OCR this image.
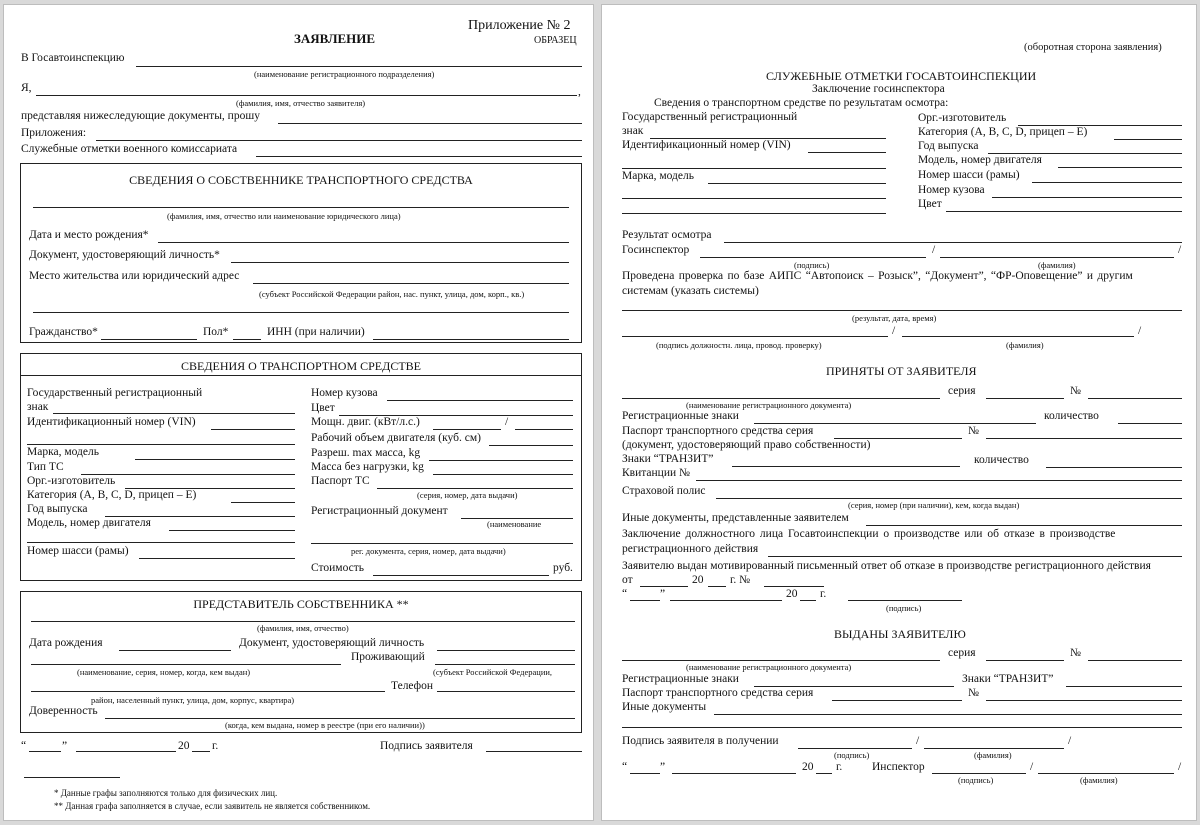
Приложение № 2
ОБРАЗЕЦ
ЗАЯВЛЕНИЕ
В Госавтоинспекцию
(наименование регистрационного подразделения)
Я,	,
(фамилия, имя, отчество заявителя)
представляя нижеследующие документы, прошу
Приложения:
Служебные отметки военного комиссариата
СВЕДЕНИЯ О СОБСТВЕННИКЕ ТРАНСПОРТНОГО СРЕДСТВА
(фамилия, имя, отчество или наименование юридического лица)
Дата и место рождения*
Документ, удостоверяющий личность*
Место жительства или юридический адрес
(субъект Российской Федерации район, нас. пункт, улица, дом, корп., кв.)
Гражданство*	Пол*	ИНН (при наличии)
СВЕДЕНИЯ О ТРАНСПОРТНОМ СРЕДСТВЕ
Государственный регистрационный
знак
Идентификационный номер (VIN)
Марка, модель
Тип ТС
Орг.-изготовитель
Категория (А, В, С, D, прицеп – Е)
Год выпуска
Модель, номер двигателя
Номер шасси (рамы)
Номер кузова
Цвет
Мощн. двиг. (кВт/л.с.)	/
Рабочий объем двигателя (куб. см)
Разреш. max масса, kg
Масса без нагрузки, kg
Паспорт ТС
(серия, номер, дата выдачи)
Регистрационный документ
(наименование
рег. документа, серия, номер, дата выдачи)
Стоимость	руб.
ПРЕДСТАВИТЕЛЬ СОБСТВЕННИКА **
(фамилия, имя, отчество)
Дата рождения	Документ, удостоверяющий личность
Проживающий
(наименование, серия, номер, когда, кем выдан)	(субъект Российской Федерации,
Телефон
район, населенный пункт, улица, дом, корпус, квартира)
Доверенность
(когда, кем выдана, номер в реестре (при его наличии))
“	”	20 г.	Подпись заявителя
* Данные графы заполняются только для физических лиц.
** Данная графа заполняется в случае, если заявитель не является собственником.
(оборотная сторона заявления)
СЛУЖЕБНЫЕ ОТМЕТКИ ГОСАВТОИНСПЕКЦИИ
Заключение госинспектора
Сведения о транспортном средстве по результатам осмотра:
Государственный регистрационный
знак
Идентификационный номер (VIN)
Марка, модель
Орг.-изготовитель
Категория (А, В, С, D, прицеп – Е)
Год выпуска
Модель, номер двигателя
Номер шасси (рамы)
Номер кузова
Цвет
Результат осмотра
Госинспектор	/	/
(подпись)	(фамилия)
Проведена проверка по базе АИПС “Автопоиск – Розыск”, “Документ”, “ФР-Оповещение” и другим
системам (указать системы)
(результат, дата, время)
/	/
(подпись должностн. лица, провод. проверку)	(фамилия)
ПРИНЯТЫ ОТ ЗАЯВИТЕЛЯ
серия	№
(наименование регистрационного документа)
Регистрационные знаки	количество
Паспорт транспортного средства серия	№
(документ, удостоверяющий право собственности)
Знаки “ТРАНЗИТ”	количество
Квитанции №
Страховой полис
(серия, номер (при наличии), кем, когда выдан)
Иные документы, представленные заявителем
Заключение должностного лица Госавтоинспекции о производстве или об отказе в производстве
регистрационного действия
Заявителю выдан мотивированный письменный ответ об отказе в производстве регистрационного действия
от	20 г. №
“	”	20 г.
(подпись)
ВЫДАНЫ ЗАЯВИТЕЛЮ
серия	№
(наименование регистрационного документа)
Регистрационные знаки	Знаки “ТРАНЗИТ”
Паспорт транспортного средства серия	№
Иные документы
Подпись заявителя в получении	/	/
(подпись)	(фамилия)
“	”	20 г.	Инспектор	/	/
(подпись)	(фамилия)
